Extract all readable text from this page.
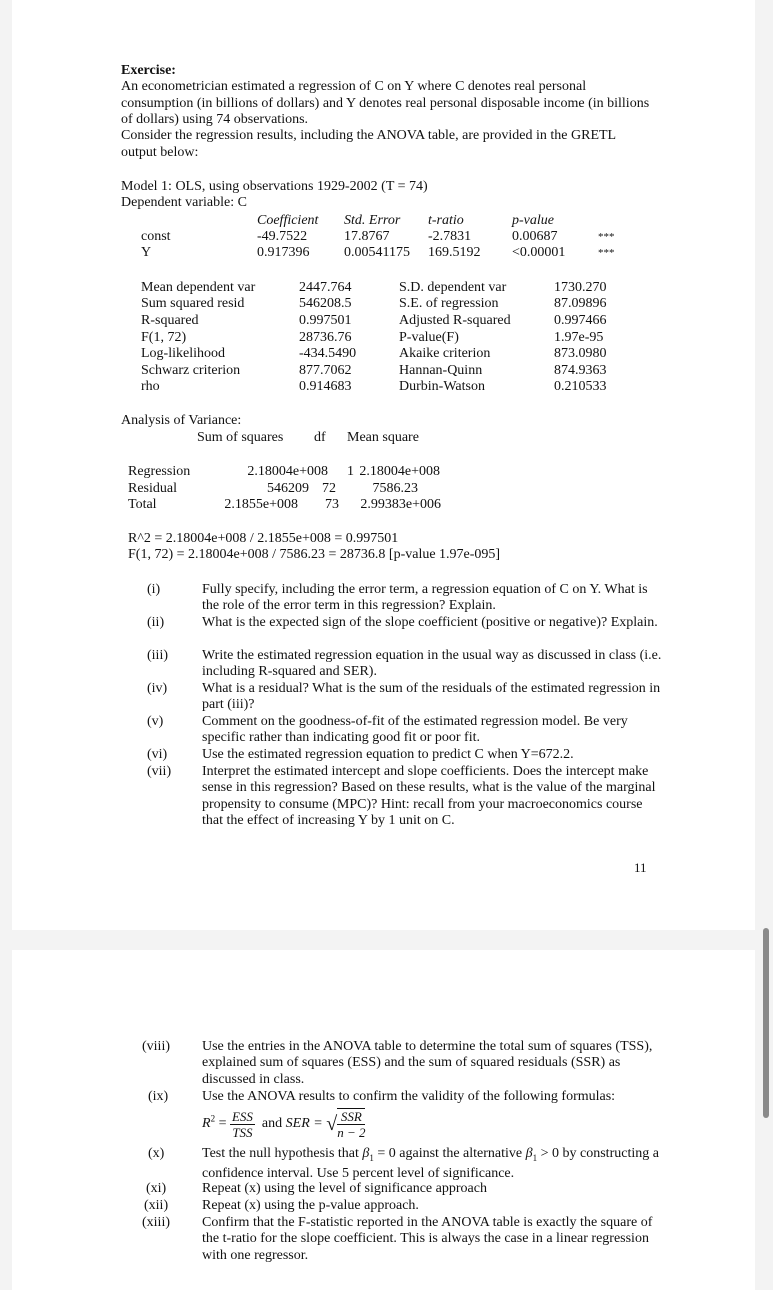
Exercise:
An econometrician estimated a regression of C on Y where C denotes real personal consumption (in billions of dollars) and Y denotes real personal disposable income (in billions of dollars) using 74 observations.
Consider the regression results, including the ANOVA table, are provided in the GRETL output below:
Model 1: OLS, using observations 1929-2002 (T = 74)
Dependent variable: C
Coefficient Std. Error t-ratio	p-value
const	-49.7522	17.8767	-2.7831	0.00687	***
Y	0.917396 0.00541175 169.5192 <0.00001	***
Mean dependent var	2447.764	S.D. dependent var	1730.270
Sum squared resid	546208.5	S.E. of regression	87.09896
R-squared	0.997501	Adjusted R-squared	0.997466
F(1, 72)	28736.76	P-value(F)	1.97e-95
Log-likelihood	-434.5490	Akaike criterion	873.0980
Schwarz criterion	877.7062	Hannan-Quinn	874.9363
rho	0.914683	Durbin-Watson	0.210533
Analysis of Variance:
Sum of squares df Mean square
Regression	2.18004e+008	1 2.18004e+008
Residual	546209 72	7586.23
Total	2.1855e+008	73	2.99383e+006
R^2 = 2.18004e+008 / 2.1855e+008 = 0.997501
F(1, 72) = 2.18004e+008 / 7586.23 = 28736.8 [p-value 1.97e-095]
(i)	Fully specify, including the error term, a regression equation of C on Y. What is the role of the error term in this regression? Explain.
(ii)	What is the expected sign of the slope coefficient (positive or negative)? Explain.
(iii) Write the estimated regression equation in the usual way as discussed in class (i.e. including R-squared and SER).
(iv) What is a residual? What is the sum of the residuals of the estimated regression in part (iii)?
(v)	Comment on the goodness-of-fit of the estimated regression model. Be very specific rather than indicating good fit or poor fit.
(vi) Use the estimated regression equation to predict C when Y=672.2.
(vii) Interpret the estimated intercept and slope coefficients. Does the intercept make sense in this regression? Based on these results, what is the value of the marginal propensity to consume (MPC)? Hint: recall from your macroeconomics course that the effect of increasing Y by 1 unit on C.
11
(viii) Use the entries in the ANOVA table to determine the total sum of squares (TSS), explained sum of squares (ESS) and the sum of squared residuals (SSR) as discussed in class.
(ix) Use the ANOVA results to confirm the validity of the following formulas:
$R^2 = \frac{\text{ESS}}{\text{TSS}}$ and SER = √ $\frac{\text{SSR}}{n - 2}$
(x)	Test the null hypothesis that $\beta_1 = 0$ against the alternative $\beta_1 > 0$ by constructing a confidence interval. Use 5 percent level of significance.
(xi)	Repeat (x) using the level of significance approach
(xii) Repeat (x) using the p-value approach.
(xiii) Confirm that the F-statistic reported in the ANOVA table is exactly the square of the t-ratio for the slope coefficient. This is always the case in a linear regression with one regressor.
